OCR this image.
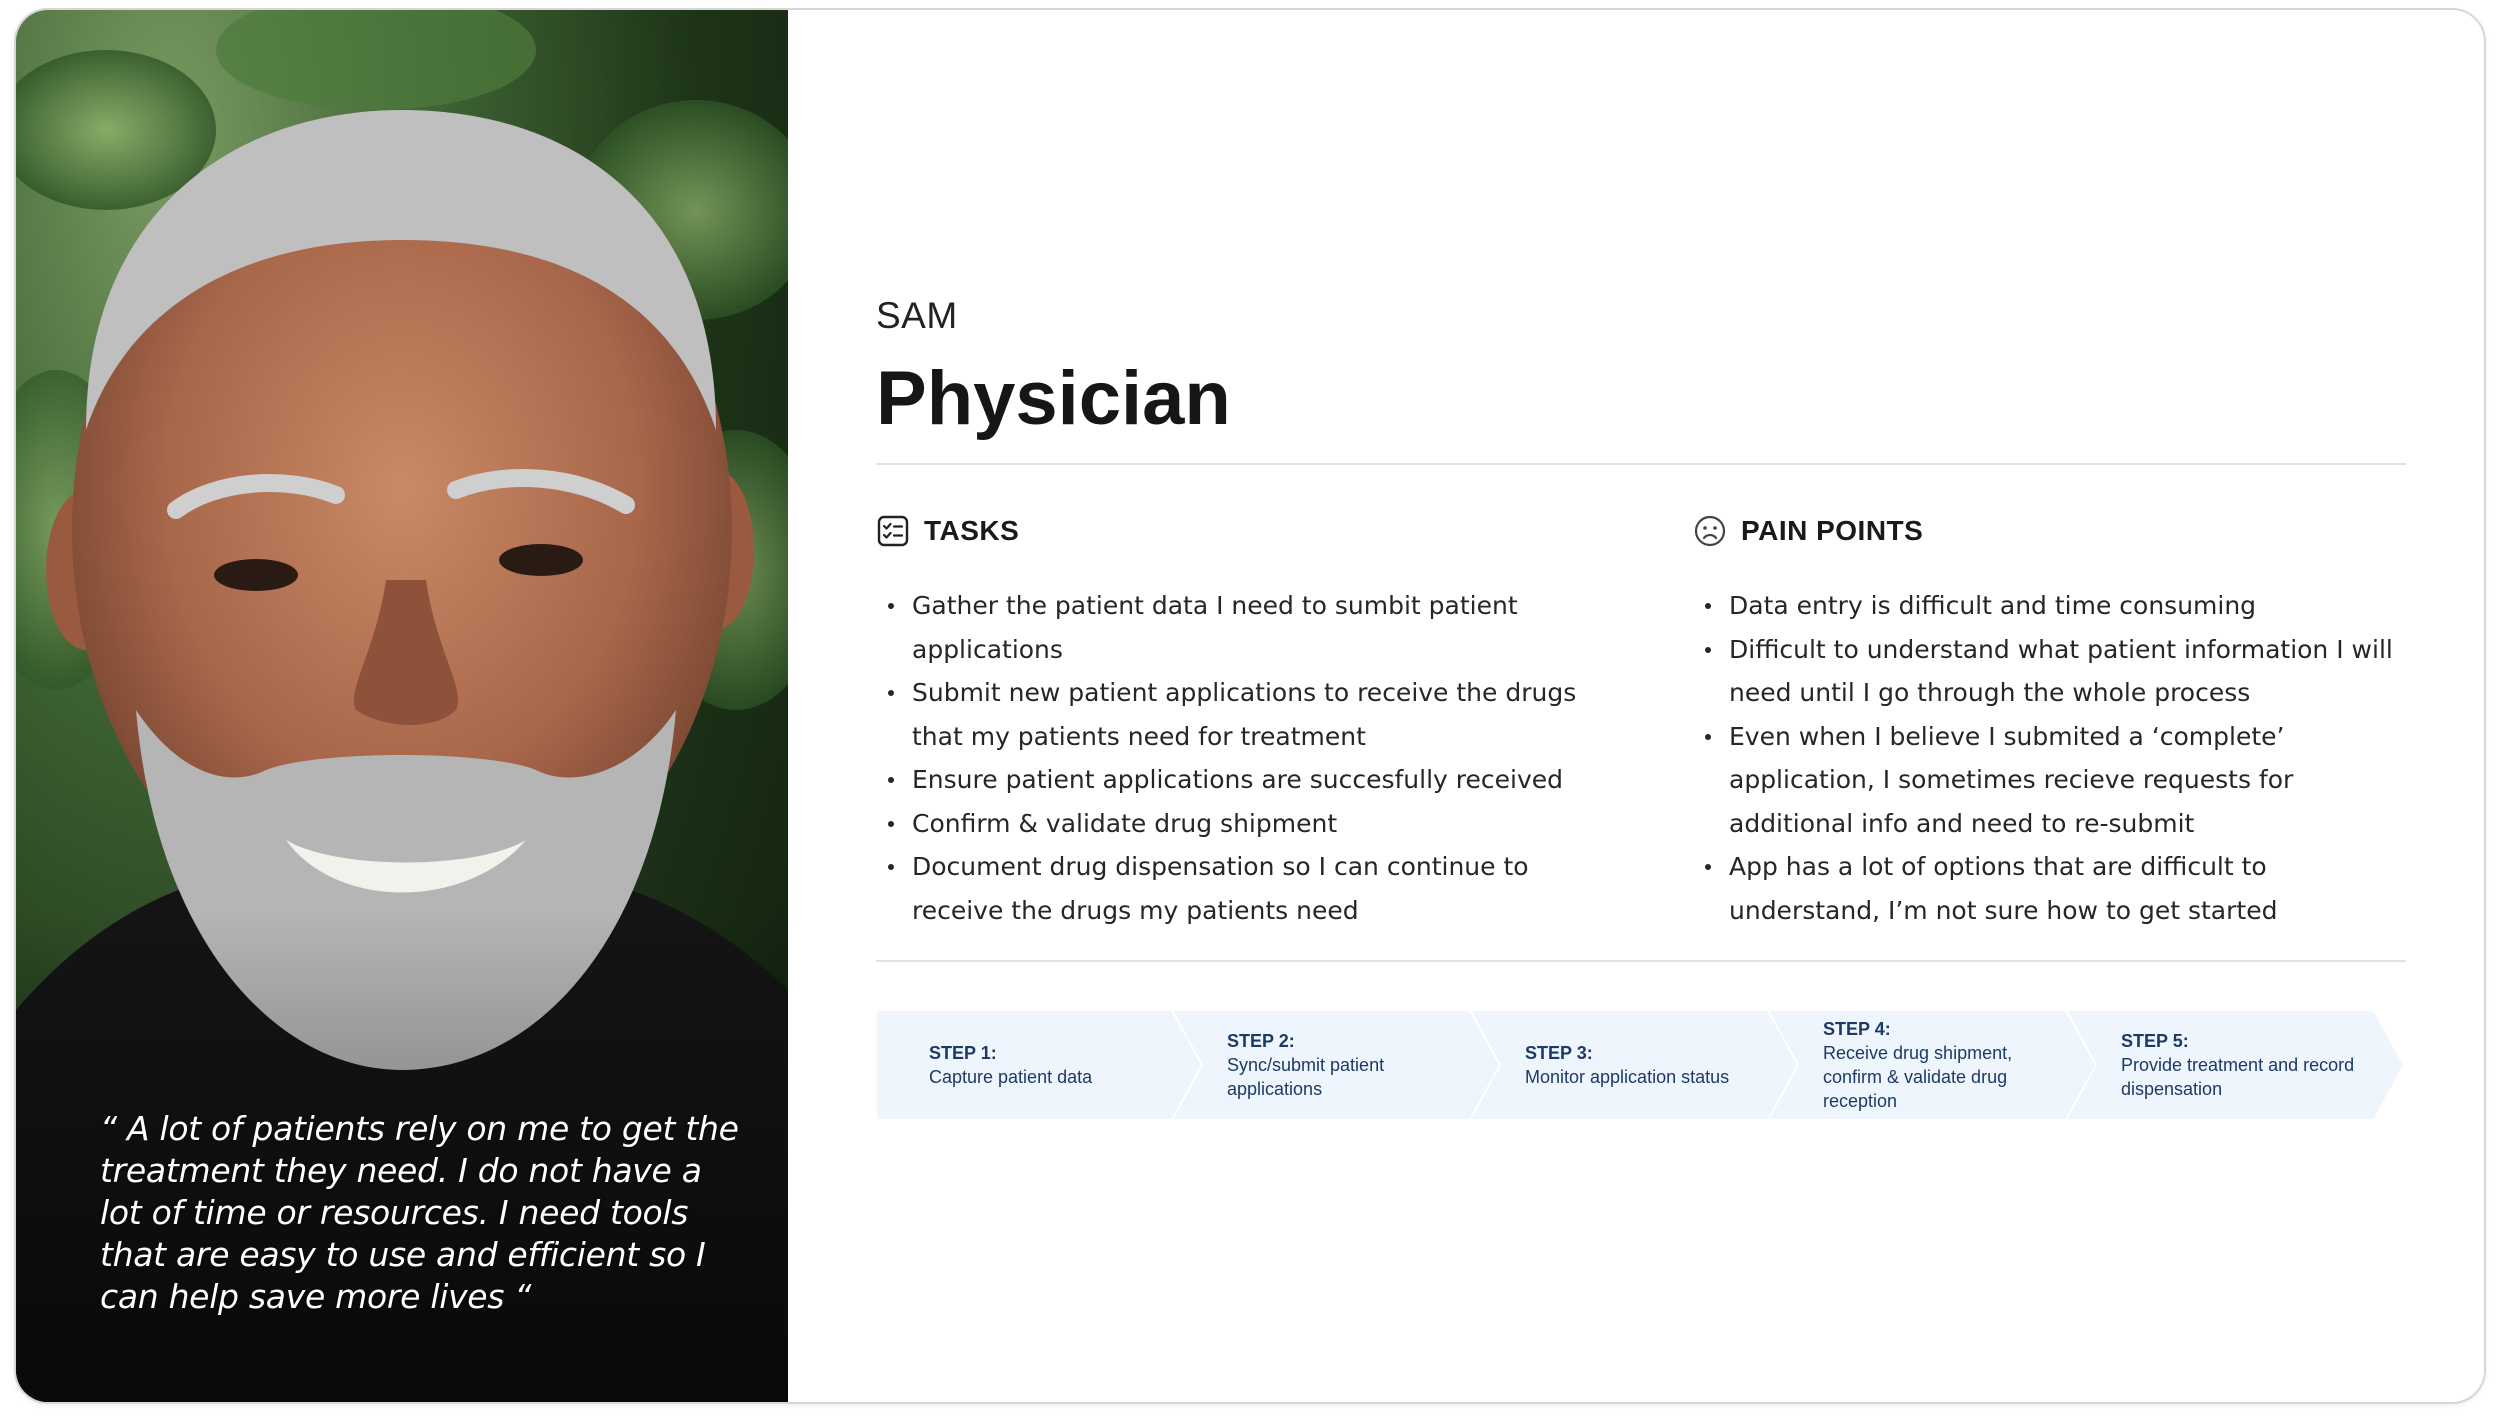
“ A lot of patients rely on me to get the treatment they need. I do not have a lot of time or resources. I need tools that are easy to use and efficient so I can help save more lives “
SAM
Physician
TASKS
Gather the patient data I need to sumbit patient applications
Submit new patient applications to receive the drugs that my patients need for treatment
Ensure patient applications are succesfully received
Confirm & validate drug shipment
Document drug dispensation so I can continue to receive the drugs my patients need
PAIN POINTS
Data entry is difficult and time consuming
Difficult to understand what patient information I will need until I go through the whole process
Even when I believe I submited a ‘complete’ application, I sometimes recieve requests for additional info and need to re-submit
App has a lot of options that are difficult to understand, I’m not sure how to get started
STEP 1:
Capture patient data
STEP 2:
Sync/submit patient applications
STEP 3:
Monitor application status
STEP 4:
Receive drug shipment, confirm & validate drug reception
STEP 5:
Provide treatment and record dispensation
